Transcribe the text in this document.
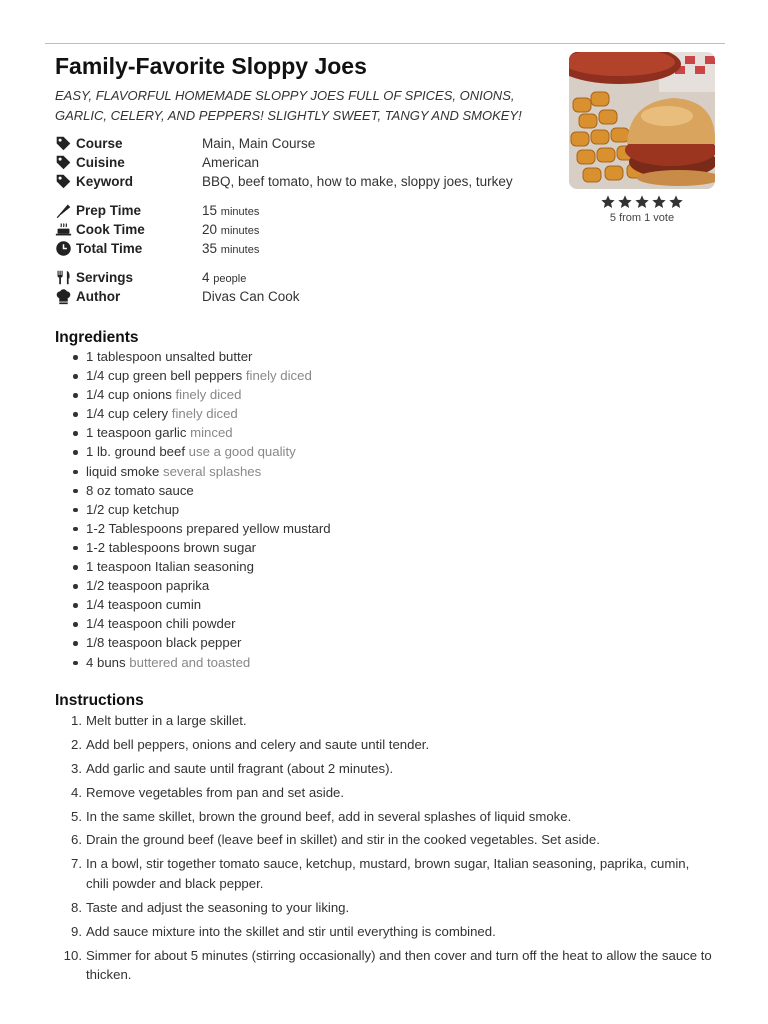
Family-Favorite Sloppy Joes
EASY, FLAVORFUL HOMEMADE SLOPPY JOES FULL OF SPICES, ONIONS, GARLIC, CELERY, AND PEPPERS! SLIGHTLY SWEET, TANGY AND SMOKEY!
5 from 1 vote
Course	Main, Main Course
Cuisine	American
Keyword	BBQ, beef tomato, how to make, sloppy joes, turkey
Prep Time	15 minutes
Cook Time	20 minutes
Total Time	35 minutes
Servings	4 people
Author	Divas Can Cook
Ingredients
1 tablespoon unsalted butter
1/4 cup green bell peppers finely diced
1/4 cup onions finely diced
1/4 cup celery finely diced
1 teaspoon garlic minced
1 lb. ground beef use a good quality
liquid smoke several splashes
8 oz tomato sauce
1/2 cup ketchup
1-2 Tablespoons prepared yellow mustard
1-2 tablespoons brown sugar
1 teaspoon Italian seasoning
1/2 teaspoon paprika
1/4 teaspoon cumin
1/4 teaspoon chili powder
1/8 teaspoon black pepper
4 buns buttered and toasted
Instructions
1. Melt butter in a large skillet.
2. Add bell peppers, onions and celery and saute until tender.
3. Add garlic and saute until fragrant (about 2 minutes).
4. Remove vegetables from pan and set aside.
5. In the same skillet, brown the ground beef, add in several splashes of liquid smoke.
6. Drain the ground beef (leave beef in skillet) and stir in the cooked vegetables. Set aside.
7. In a bowl, stir together tomato sauce, ketchup, mustard, brown sugar, Italian seasoning, paprika, cumin, chili powder and black pepper.
8. Taste and adjust the seasoning to your liking.
9. Add sauce mixture into the skillet and stir until everything is combined.
10. Simmer for about 5 minutes (stirring occasionally) and then cover and turn off the heat to allow the sauce to thicken.
